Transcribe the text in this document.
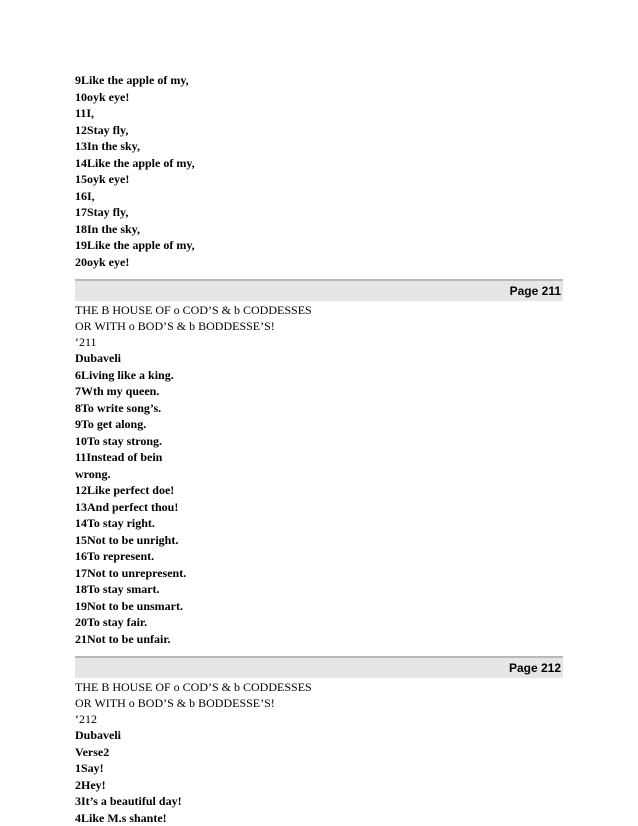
9Like the apple of my,
10oyk eye!
11I,
12Stay fly,
13In the sky,
14Like the apple of my,
15oyk eye!
16I,
17Stay fly,
18In the sky,
19Like the apple of my,
20oyk eye!
Page 211
THE B HOUSE OF o COD’S & b CODDESSES
OR WITH o BOD’S & b BODDESSE’S!
‘211
Dubaveli
6Living like a king.
7Wth my queen.
8To write song’s.
9To get along.
10To stay strong.
11Instead of bein
wrong.
12Like perfect doe!
13And perfect thou!
14To stay right.
15Not to be unright.
16To represent.
17Not to unrepresent.
18To stay smart.
19Not to be unsmart.
20To stay fair.
21Not to be unfair.
Page 212
THE B HOUSE OF o COD’S & b CODDESSES
OR WITH o BOD’S & b BODDESSE’S!
‘212
Dubaveli
Verse2
1Say!
2Hey!
3It’s a beautiful day!
4Like M.s shante!
